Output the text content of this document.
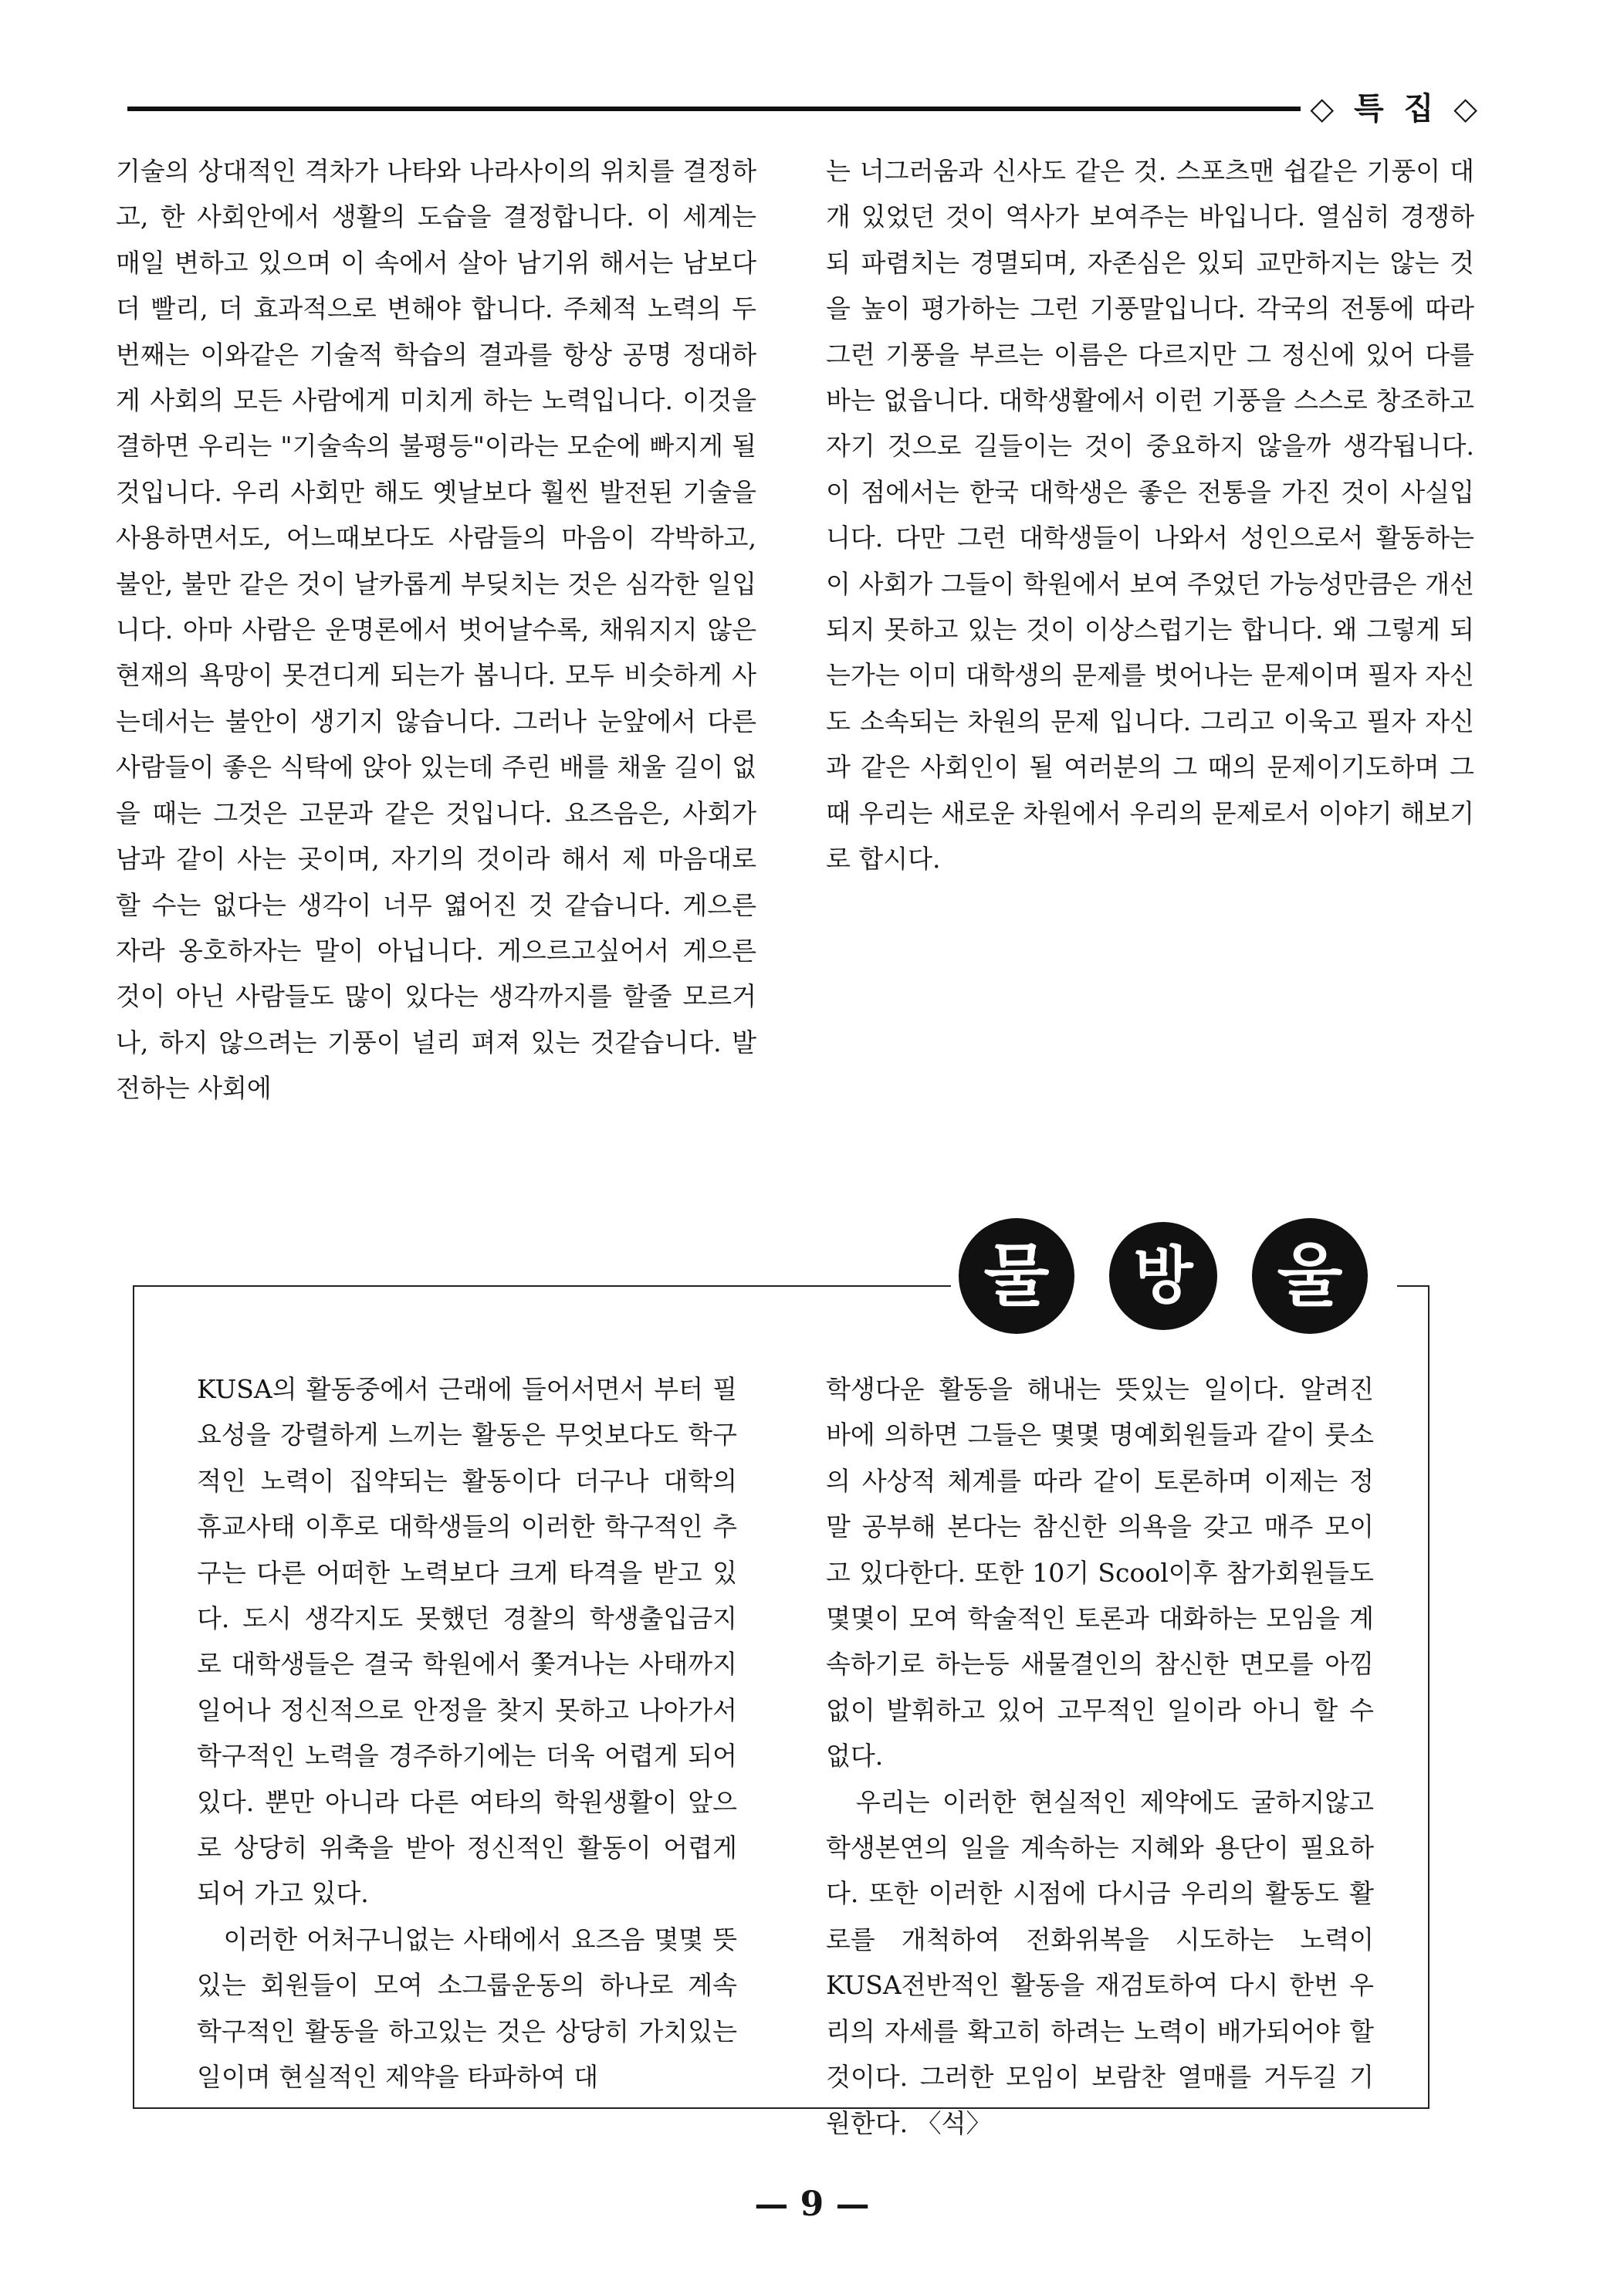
◇ 특 집 ◇
기술의 상대적인 격차가 나타와 나라사이의 위치를 결정하고, 한 사회안에서 생활의 도습을 결정합니다. 이 세계는 매일 변하고 있으며 이 속에서 살아 남기위 해서는 남보다 더 빨리, 더 효과적으로 변해야 합니다. 주체적 노력의 두번째는 이와같은 기술적 학습의 결과를 항상 공명 정대하게 사회의 모든 사람에게 미치게 하는 노력입니다. 이것을 결하면 우리는 "기술속의 불평등"이라는 모순에 빠지게 될 것입니다. 우리 사회만 해도 옛날보다 훨씬 발전된 기술을 사용하면서도, 어느때보다도 사람들의 마음이 각박하고, 불안, 불만 같은 것이 날카롭게 부딪치는 것은 심각한 일입니다. 아마 사람은 운명론에서 벗어날수록, 채워지지 않은 현재의 욕망이 못견디게 되는가 봅니다. 모두 비슷하게 사는데서는 불안이 생기지 않습니다. 그러나 눈앞에서 다른 사람들이 좋은 식탁에 앉아 있는데 주린 배를 채울 길이 없을 때는 그것은 고문과 같은 것입니다. 요즈음은, 사회가 남과 같이 사는 곳이며, 자기의 것이라 해서 제 마음대로 할 수는 없다는 생각이 너무 엷어진 것 같습니다. 게으른 자라 옹호하자는 말이 아닙니다. 게으르고싶어서 게으른 것이 아닌 사람들도 많이 있다는 생각까지를 할줄 모르거나, 하지 않으려는 기풍이 널리 펴져 있는 것같습니다. 발전하는 사회에
는 너그러움과 신사도 같은 것. 스포츠맨 쉽같은 기풍이 대개 있었던 것이 역사가 보여주는 바입니다. 열심히 경쟁하되 파렴치는 경멸되며, 자존심은 있되 교만하지는 않는 것을 높이 평가하는 그런 기풍말입니다. 각국의 전통에 따라 그런 기풍을 부르는 이름은 다르지만 그 정신에 있어 다를 바는 없읍니다. 대학생활에서 이런 기풍을 스스로 창조하고 자기 것으로 길들이는 것이 중요하지 않을까 생각됩니다. 이 점에서는 한국 대학생은 좋은 전통을 가진 것이 사실입니다. 다만 그런 대학생들이 나와서 성인으로서 활동하는 이 사회가 그들이 학원에서 보여 주었던 가능성만큼은 개선되지 못하고 있는 것이 이상스럽기는 합니다. 왜 그렇게 되는가는 이미 대학생의 문제를 벗어나는 문제이며 필자 자신도 소속되는 차원의 문제 입니다. 그리고 이욱고 필자 자신과 같은 사회인이 될 여러분의 그 때의 문제이기도하며 그때 우리는 새로운 차원에서 우리의 문제로서 이야기 해보기로 합시다.
물	방	울
KUSA의 활동중에서 근래에 들어서면서 부터 필요성을 강렬하게 느끼는 활동은 무엇보다도 학구적인 노력이 집약되는 활동이다 더구나 대학의 휴교사태 이후로 대학생들의 이러한 학구적인 추구는 다른 어떠한 노력보다 크게 타격을 받고 있다. 도시 생각지도 못했던 경찰의 학생출입금지로 대학생들은 결국 학원에서 쫓겨나는 사태까지 일어나 정신적으로 안정을 찾지 못하고 나아가서 학구적인 노력을 경주하기에는 더욱 어렵게 되어있다. 뿐만 아니라 다른 여타의 학원생활이 앞으로 상당히 위축을 받아 정신적인 활동이 어렵게 되어 가고 있다.
　이러한 어처구니없는 사태에서 요즈음 몇몇 뜻있는 회원들이 모여 소그룹운동의 하나로 계속 학구적인 활동을 하고있는 것은 상당히 가치있는 일이며 현실적인 제약을 타파하여 대
학생다운 활동을 해내는 뜻있는 일이다. 알려진 바에 의하면 그들은 몇몇 명예회원들과 같이 룻소의 사상적 체계를 따라 같이 토론하며 이제는 정말 공부해 본다는 참신한 의욕을 갖고 매주 모이고 있다한다. 또한 10기 Scool이후 참가회원들도 몇몇이 모여 학술적인 토론과 대화하는 모임을 계속하기로 하는등 새물결인의 참신한 면모를 아낌없이 발휘하고 있어 고무적인 일이라 아니 할 수 없다.
　우리는 이러한 현실적인 제약에도 굴하지않고 학생본연의 일을 계속하는 지혜와 용단이 필요하다. 또한 이러한 시점에 다시금 우리의 활동도 활로를 개척하여 전화위복을 시도하는 노력이 KUSA전반적인 활동을 재검토하여 다시 한번 우리의 자세를 확고히 하려는 노력이 배가되어야 할 것이다. 그러한 모임이 보람찬 열매를 거두길 기원한다. 〈석〉
— 9 —
